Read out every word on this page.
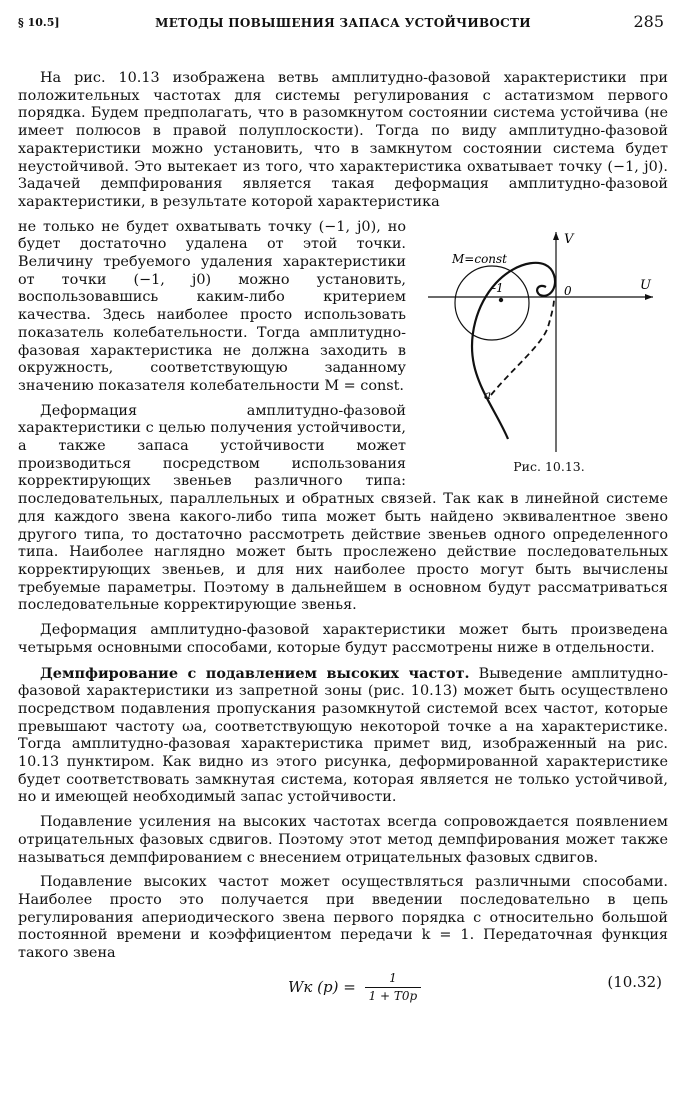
§ 10.5]	МЕТОДЫ ПОВЫШЕНИЯ ЗАПАСА УСТОЙЧИВОСТИ	285

На рис. 10.13 изображена ветвь амплитудно-фазовой характеристики при положительных частотах для системы регулирования с астатизмом первого порядка. Будем предполагать, что в разомкнутом состоянии система устойчива (не имеет полюсов в правой полуплоскости). Тогда по виду амплитудно-фазовой характеристики можно установить, что в замкнутом состоянии система будет неустойчивой. Это вытекает из того, что характеристика охватывает точку (−1, j0). Задачей демпфирования является такая деформация амплитудно-фазовой характеристики, в результате которой характеристика

V
U
M=const
-1	0
a
Рис. 10.13.

не только не будет охватывать точку (−1, j0), но будет достаточно удалена от этой точки. Величину требуемого удаления характеристики от точки (−1, j0) можно установить, воспользовавшись каким-либо критерием качества. Здесь наиболее просто использовать показатель колебательности. Тогда амплитудно-фазовая характеристика не должна заходить в окружность, соответствующую заданному значению показателя колебательности M = const.

Деформация амплитудно-фазовой характеристики с целью получения устойчивости, а также запаса устойчивости может производиться посредством использования корректирующих звеньев различного типа: последовательных, параллельных и обратных связей. Так как в линейной системе для каждого звена какого-либо типа может быть найдено эквивалентное звено другого типа, то достаточно рассмотреть действие звеньев одного определенного типа. Наиболее наглядно может быть прослежено действие последовательных корректирующих звеньев, и для них наиболее просто могут быть вычислены требуемые параметры. Поэтому в дальнейшем в основном будут рассматриваться последовательные корректирующие звенья.

Деформация амплитудно-фазовой характеристики может быть произведена четырьмя основными способами, которые будут рассмотрены ниже в отдельности.

Демпфирование с подавлением высоких частот. Выведение амплитудно-фазовой характеристики из запретной зоны (рис. 10.13) может быть осуществлено посредством подавления пропускания разомкнутой системой всех частот, которые превышают частоту ωa, соответствующую некоторой точке a на характеристике. Тогда амплитудно-фазовая характеристика примет вид, изображенный на рис. 10.13 пунктиром. Как видно из этого рисунка, деформированной характеристике будет соответствовать замкнутая система, которая является не только устойчивой, но и имеющей необходимый запас устойчивости.

Подавление усиления на высоких частотах всегда сопровождается появлением отрицательных фазовых сдвигов. Поэтому этот метод демпфирования может также называться демпфированием с внесением отрицательных фазовых сдвигов.

Подавление высоких частот может осуществляться различными способами. Наиболее просто это получается при введении последовательно в цепь регулирования апериодического звена первого порядка с относительно большой постоянной времени и коэффициентом передачи k = 1. Передаточная функция такого звена

Wк $(p) = \frac{1}{1 + T0p}$	(10.32)
